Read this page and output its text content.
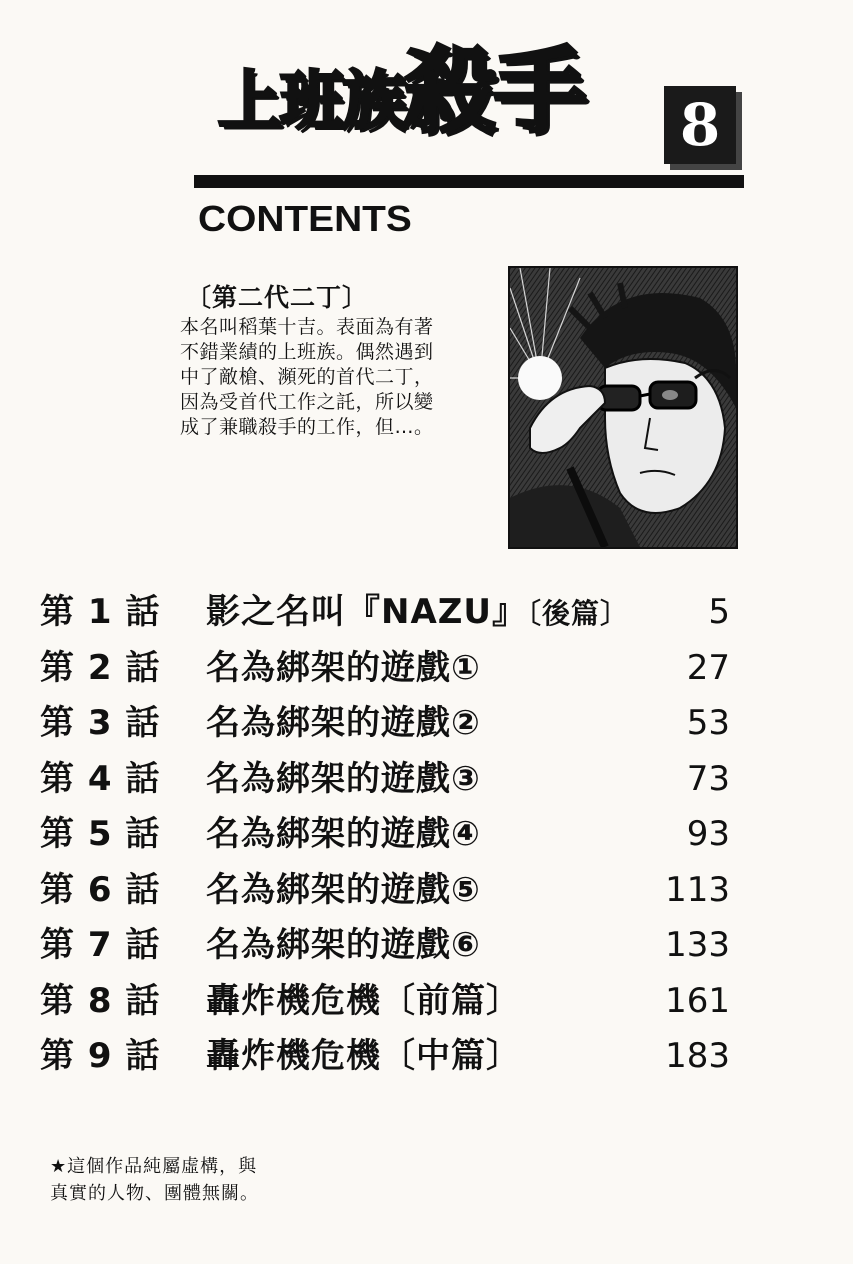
上班族 殺手 8
CONTENTS
〔第二代二丁〕
本名叫稻葉十吉。表面為有著
不錯業績的上班族。偶然遇到
中了敵槍、瀕死的首代二丁，
因為受首代工作之託，所以變
成了兼職殺手的工作，但…。
第 1 話 影之名叫『NAZU』〔後篇〕 5
第 2 話 名為綁架的遊戲①	27
第 3 話 名為綁架的遊戲②	53
第 4 話 名為綁架的遊戲③	73
第 5 話 名為綁架的遊戲④	93
第 6 話 名為綁架的遊戲⑤	113
第 7 話 名為綁架的遊戲⑥	133
第 8 話 轟炸機危機〔前篇〕	161
第 9 話 轟炸機危機〔中篇〕	183
★這個作品純屬虛構，與
真實的人物、團體無關。
